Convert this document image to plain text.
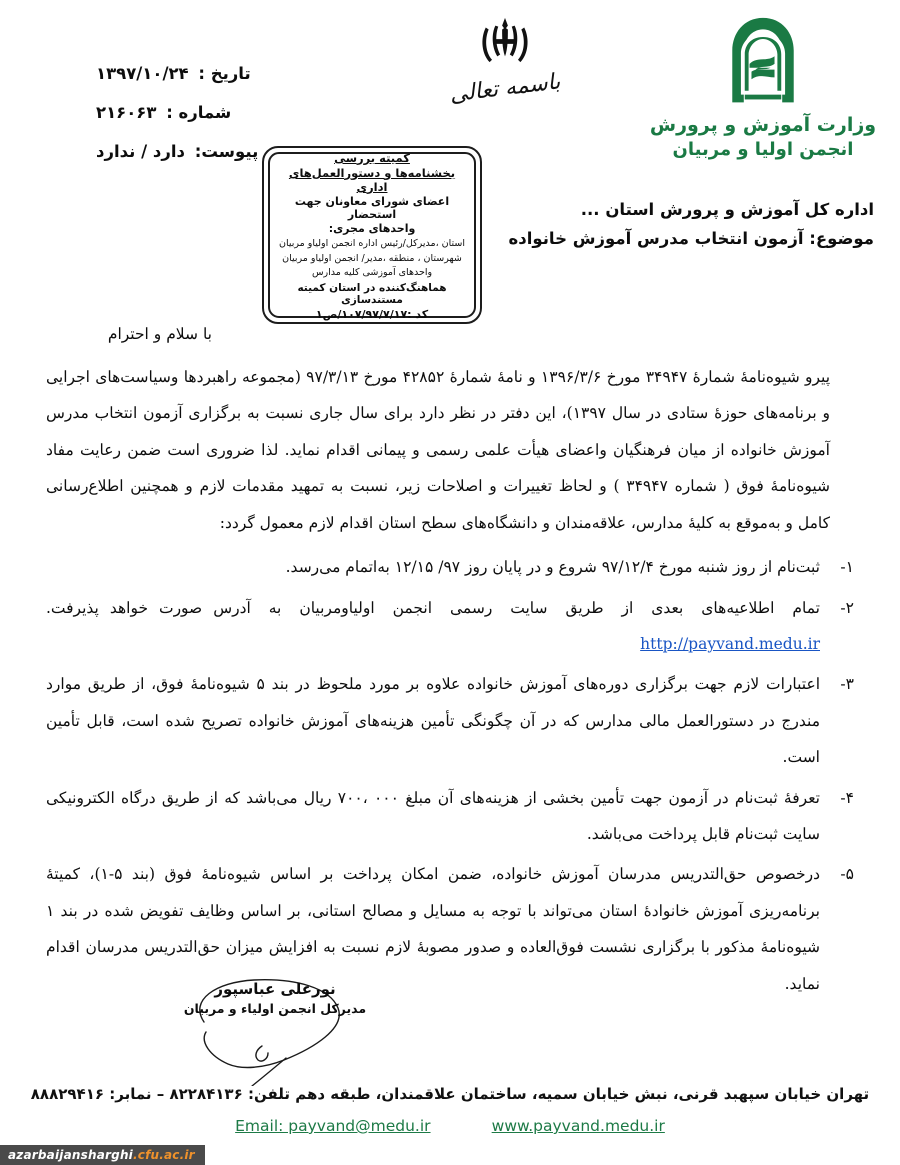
وزارت آموزش و پرورش
انجمن اولیا و مربیان
باسمه تعالی
تاریخ : ۱۳۹۷/۱۰/۲۴
شماره : ۲۱۶۰۶۳
پیوست: دارد / ندارد	کمیته بررسی
بخشنامه‌ها و دستورالعمل‌های اداری
اعضای شورای معاونان جهت استحضار
واحدهای مجری:
استان ،مدیرکل/رئیس اداره انجمن اولیاو مربیان
شهرستان ، منطقه ،مدیر/ انجمن اولیاو مربیان
واحدهای آموزشی کلیه مدارس
هماهنگ‌کننده در استان کمیته مستندسازی
کد :۱۰۷/۹۷/۷/۱۷/ص۱
اداره کل آموزش و پرورش استان ...
موضوع: آزمون انتخاب مدرس آموزش خانواده
با سلام و احترام
پیرو شیوه‌نامهٔ شمارهٔ ۳۴۹۴۷ مورخ ۱۳۹۶/۳/۶ و نامهٔ شمارهٔ ۴۲۸۵۲ مورخ ۹۷/۳/۱۳ (مجموعه راهبردها وسیاست‌های اجرایی و برنامه‌های حوزهٔ ستادی در سال ۱۳۹۷)، این دفتر در نظر دارد برای سال جاری نسبت به برگزاری آزمون انتخاب مدرس آموزش خانواده از میان فرهنگیان واعضای هیأت علمی رسمی و پیمانی اقدام نماید. لذا ضروری است ضمن رعایت مفاد شیوه‌نامهٔ فوق ( شماره ۳۴۹۴۷ ) و لحاظ تغییرات و اصلاحات زیر، نسبت به تمهید مقدمات لازم و همچنین اطلاع‌رسانی کامل و به‌موقع به کلیهٔ مدارس، علاقه‌مندان و دانشگاه‌های سطح استان اقدام لازم معمول گردد:
۱-
ثبت‌نام از روز شنبه مورخ ۹۷/۱۲/۴ شروع و در پایان روز ۹۷/ ۱۲/۱۵ به‌اتمام می‌رسد.
۲-
تمام اطلاعیه‌های بعدی از طریق سایت رسمی انجمن اولیاومربیان به آدرس صورت خواهد پذیرفت. http://payvand.medu.ir
۳-
اعتبارات لازم جهت برگزاری دوره‌های آموزش خانواده علاوه بر مورد ملحوظ در بند ۵ شیوه‌نامهٔ فوق، از طریق موارد مندرج در دستورالعمل مالی مدارس که در آن چگونگی تأمین هزینه‌های آموزش خانواده تصریح شده است، قابل تأمین است.
۴-
تعرفهٔ ثبت‌نام در آزمون جهت تأمین بخشی از هزینه‌های آن مبلغ ۰۰۰ ،۷۰۰ ریال می‌باشد که از طریق درگاه الکترونیکی سایت ثبت‌نام قابل پرداخت می‌باشد.
۵-
درخصوص حق‌التدریس مدرسان آموزش خانواده، ضمن امکان پرداخت بر اساس شیوه‌نامهٔ فوق (بند ۵-۱)، کمیتهٔ برنامه‌ریزی آموزش خانوادهٔ استان می‌تواند با توجه به مسایل و مصالح استانی، بر اساس وظایف تفویض شده در بند ۱ شیوه‌نامهٔ مذکور با برگزاری نشست فوق‌العاده و صدور مصوبهٔ لازم نسبت به افزایش میزان حق‌التدریس مدرسان اقدام نماید.
نورعلی عباسپور
مدیرکل انجمن اولیاء و مربیان
تهران خیابان سپهبد قرنی، نبش خیابان سمیه، ساختمان علاقمندان، طبقه دهم تلفن: ۸۲۲۸۴۱۳۶ – نمابر: ۸۸۸۲۹۴۱۶
www.payvand.medu.ir Email: payvand@medu.ir
azarbaijansharghi.cfu.ac.ir
